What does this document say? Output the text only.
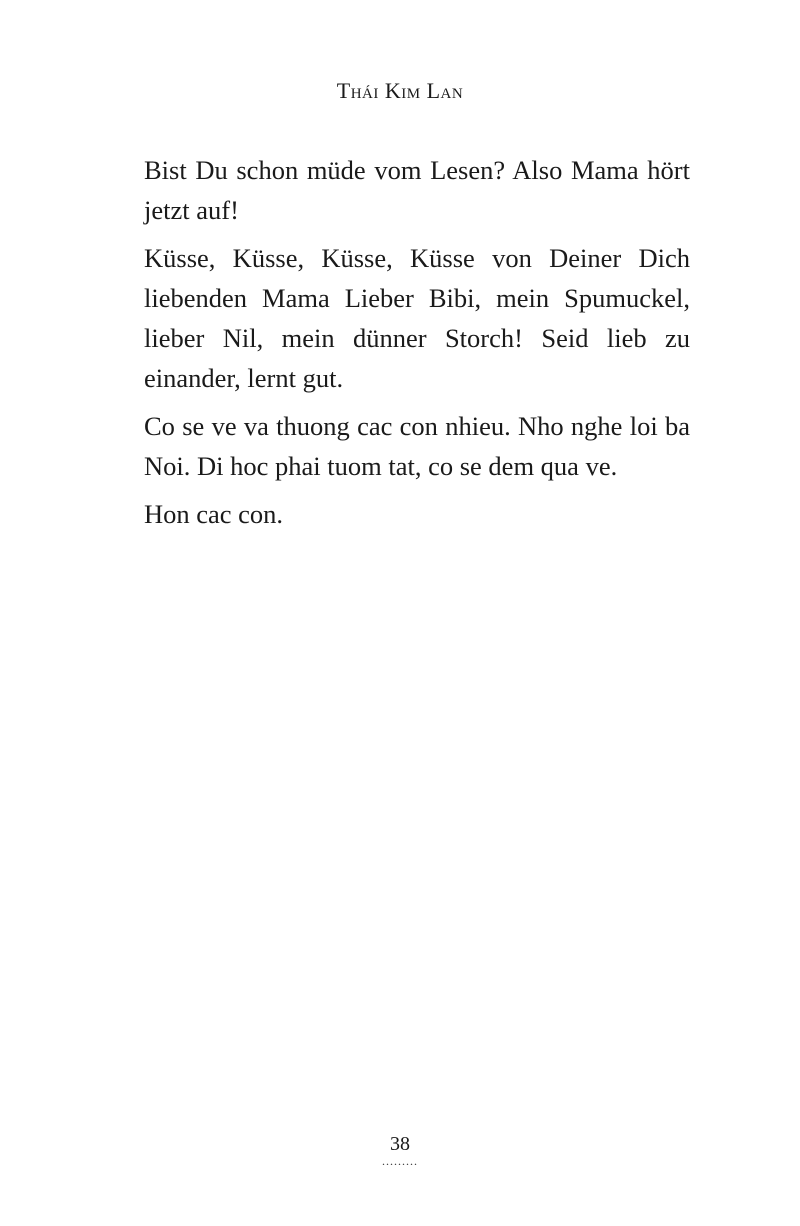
Thái Kim Lan

Bist Du schon müde vom Lesen? Also Mama hört jetzt auf!

Küsse, Küsse, Küsse, Küsse von Deiner Dich liebenden Mama Lieber Bibi, mein Spumuckel, lieber Nil, mein dünner Storch! Seid lieb zu einander, lernt gut.

Co se ve va thuong cac con nhieu. Nho nghe loi ba Noi. Di hoc phai tuom tat, co se dem qua ve.

Hon cac con.

38
.........
